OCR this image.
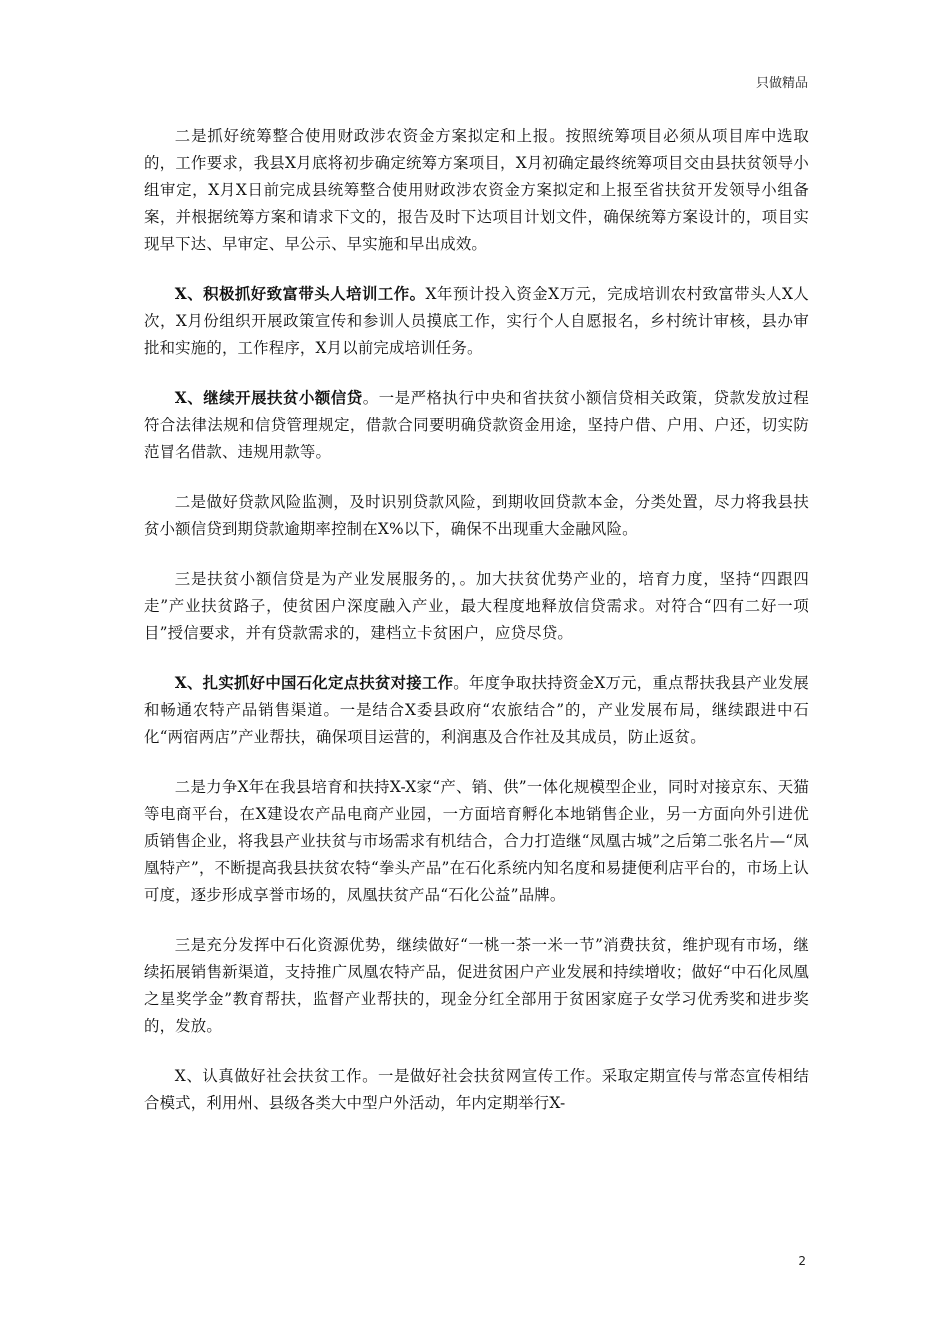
只做精品

二是抓好统筹整合使用财政涉农资金方案拟定和上报。按照统筹项目必须从项目库中选取的，工作要求，我县X月底将初步确定统筹方案项目，X月初确定最终统筹项目交由县扶贫领导小组审定，X月X日前完成县统筹整合使用财政涉农资金方案拟定和上报至省扶贫开发领导小组备案，并根据统筹方案和请求下文的，报告及时下达项目计划文件，确保统筹方案设计的，项目实现早下达、早审定、早公示、早实施和早出成效。

X、积极抓好致富带头人培训工作。X年预计投入资金X万元，完成培训农村致富带头人X人次，X月份组织开展政策宣传和参训人员摸底工作，实行个人自愿报名，乡村统计审核，县办审批和实施的，工作程序，X月以前完成培训任务。

X、继续开展扶贫小额信贷。一是严格执行中央和省扶贫小额信贷相关政策，贷款发放过程符合法律法规和信贷管理规定，借款合同要明确贷款资金用途，坚持户借、户用、户还，切实防范冒名借款、违规用款等。

二是做好贷款风险监测，及时识别贷款风险，到期收回贷款本金，分类处置，尽力将我县扶贫小额信贷到期贷款逾期率控制在X%以下，确保不出现重大金融风险。

三是扶贫小额信贷是为产业发展服务的，。加大扶贫优势产业的，培育力度，坚持“四跟四走”产业扶贫路子，使贫困户深度融入产业，最大程度地释放信贷需求。对符合“四有二好一项目”授信要求，并有贷款需求的，建档立卡贫困户，应贷尽贷。

X、扎实抓好中国石化定点扶贫对接工作。年度争取扶持资金X万元，重点帮扶我县产业发展和畅通农特产品销售渠道。一是结合X委县政府“农旅结合”的，产业发展布局，继续跟进中石化“两宿两店”产业帮扶，确保项目运营的，利润惠及合作社及其成员，防止返贫。

二是力争X年在我县培育和扶持X-X家“产、销、供”一体化规模型企业，同时对接京东、天猫等电商平台，在X建设农产品电商产业园，一方面培育孵化本地销售企业，另一方面向外引进优质销售企业，将我县产业扶贫与市场需求有机结合，合力打造继“凤凰古城”之后第二张名片—“凤凰特产”，不断提高我县扶贫农特“拳头产品”在石化系统内知名度和易捷便利店平台的，市场上认可度，逐步形成享誉市场的，凤凰扶贫产品“石化公益”品牌。

三是充分发挥中石化资源优势，继续做好“一桃一茶一米一节”消费扶贫，维护现有市场，继续拓展销售新渠道，支持推广凤凰农特产品，促进贫困户产业发展和持续增收；做好“中石化凤凰之星奖学金”教育帮扶，监督产业帮扶的，现金分红全部用于贫困家庭子女学习优秀奖和进步奖的，发放。

X、认真做好社会扶贫工作。一是做好社会扶贫网宣传工作。采取定期宣传与常态宣传相结合模式，利用州、县级各类大中型户外活动，年内定期举行X-

2
